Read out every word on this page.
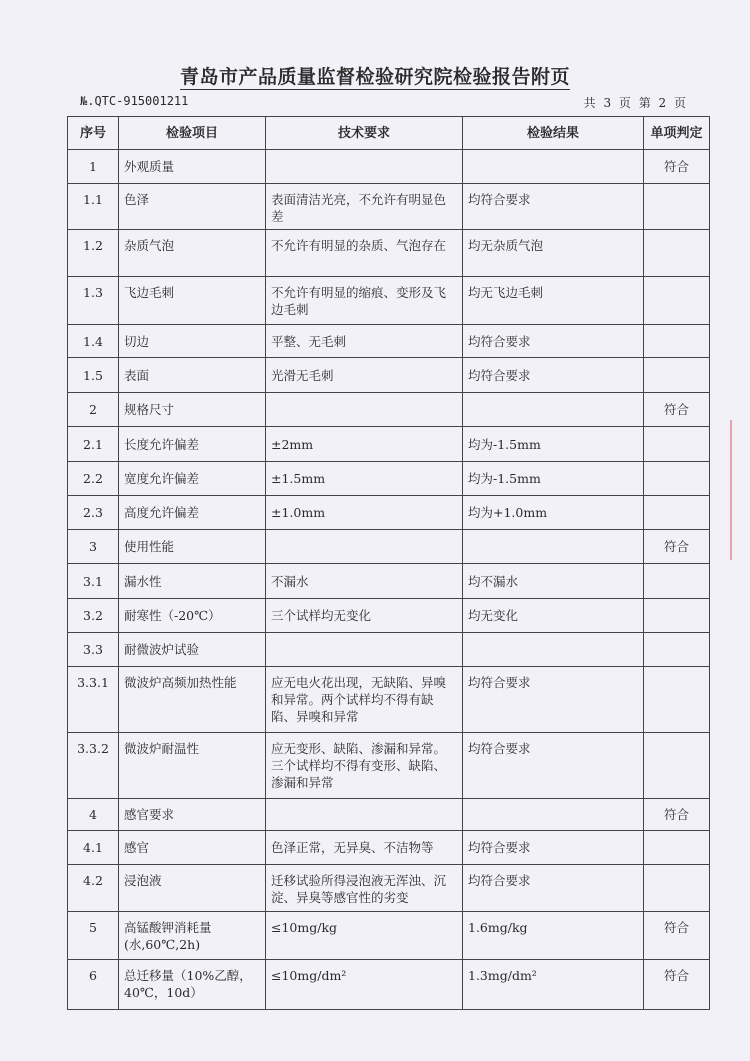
青岛市产品质量监督检验研究院检验报告附页
№.QTC-915001211	共 3 页 第 2 页
序号	检验项目	技术要求	检验结果	单项判定
1	外观质量			符合
1.1	色泽	表面清洁光亮，不允许有明显色差	均符合要求	
1.2	杂质气泡	不允许有明显的杂质、气泡存在	均无杂质气泡	
1.3	飞边毛刺	不允许有明显的缩痕、变形及飞边毛刺	均无飞边毛刺	
1.4	切边	平整、无毛刺	均符合要求	
1.5	表面	光滑无毛刺	均符合要求	
2	规格尺寸			符合
2.1	长度允许偏差	±2mm	均为-1.5mm	
2.2	宽度允许偏差	±1.5mm	均为-1.5mm	
2.3	高度允许偏差	±1.0mm	均为+1.0mm	
3	使用性能			符合
3.1	漏水性	不漏水	均不漏水	
3.2	耐寒性（-20℃）	三个试样均无变化	均无变化	
3.3	耐微波炉试验			
3.3.1	微波炉高频加热性能	应无电火花出现，无缺陷、异嗅和异常。两个试样均不得有缺陷、异嗅和异常	均符合要求	
3.3.2	微波炉耐温性	应无变形、缺陷、渗漏和异常。三个试样均不得有变形、缺陷、渗漏和异常	均符合要求	
4	感官要求			符合
4.1	感官	色泽正常，无异臭、不洁物等	均符合要求	
4.2	浸泡液	迁移试验所得浸泡液无浑浊、沉淀、异臭等感官性的劣变	均符合要求	
5	高锰酸钾消耗量(水,60℃,2h)	≤10mg/kg	1.6mg/kg	符合
6	总迁移量（10%乙醇，40℃，10d）	≤10mg/dm²	1.3mg/dm²	符合
